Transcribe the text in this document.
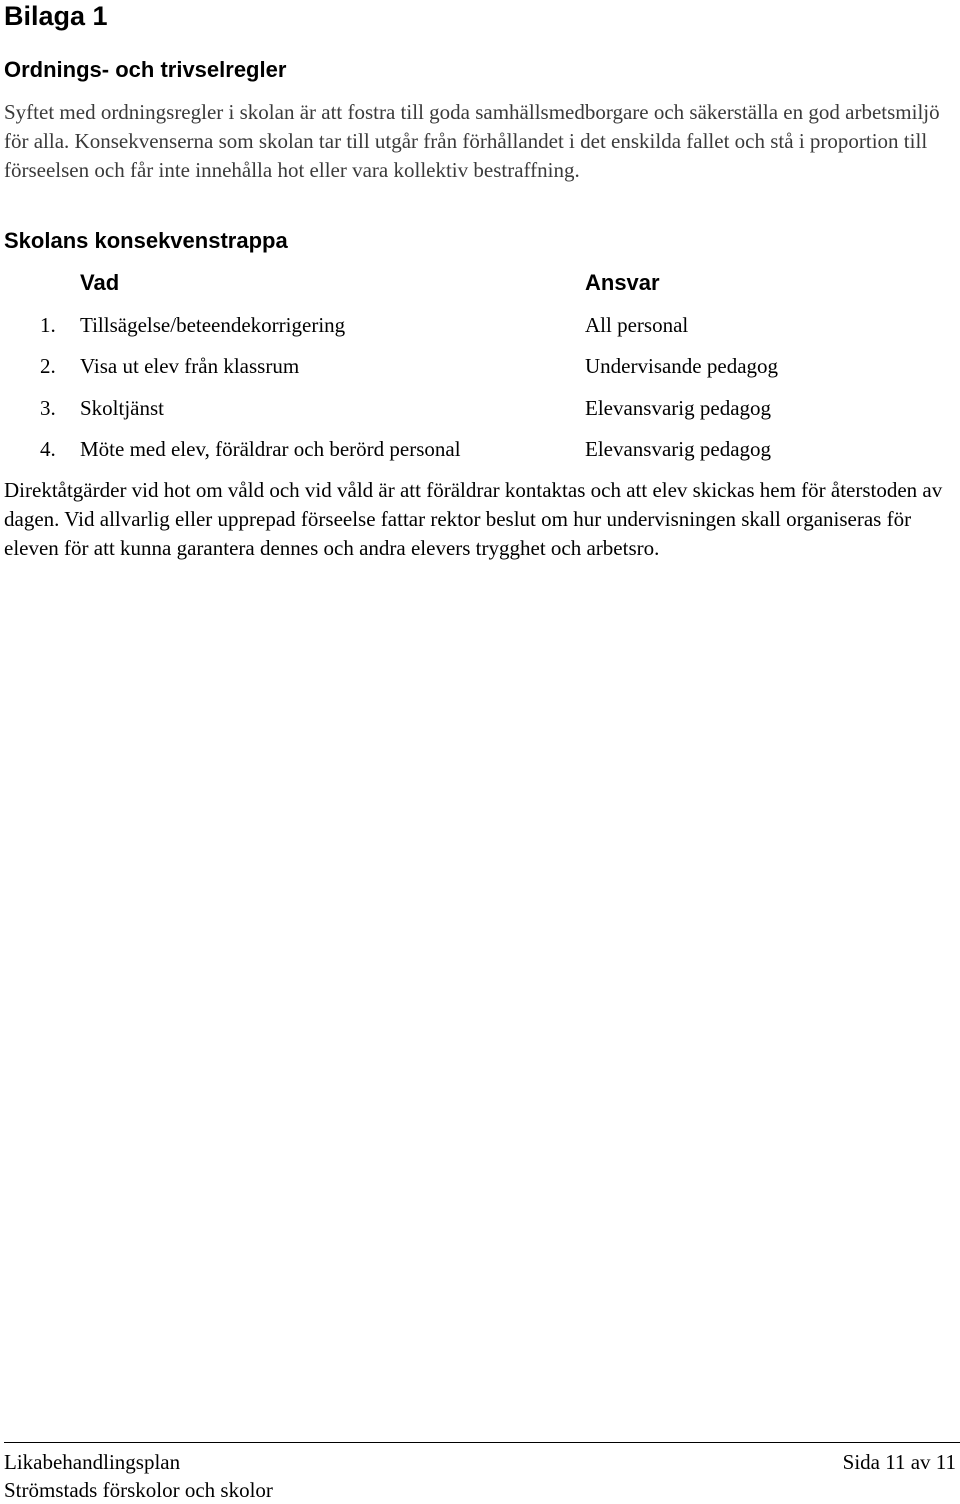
Bilaga 1
Ordnings- och trivselregler

Syftet med ordningsregler i skolan är att fostra till goda samhällsmedborgare och säkerställa en god arbetsmiljö för alla. Konsekvenserna som skolan tar till utgår från förhållandet i det enskilda fallet och stå i proportion till förseelsen och får inte innehålla hot eller vara kollektiv bestraffning.

Skolans konsekvenstrappa
Vad	Ansvar
1. Tillsägelse/beteendekorrigering	All personal
2. Visa ut elev från klassrum	Undervisande pedagog
3. Skoltjänst	Elevansvarig pedagog
4. Möte med elev, föräldrar och berörd personal	Elevansvarig pedagog

Direktåtgärder vid hot om våld och vid våld är att föräldrar kontaktas och att elev skickas hem för återstoden av dagen. Vid allvarlig eller upprepad förseelse fattar rektor beslut om hur undervisningen skall organiseras för eleven för att kunna garantera dennes och andra elevers trygghet och arbetsro.

Likabehandlingsplan
Strömstads förskolor och skolor
Sida 11 av 11
